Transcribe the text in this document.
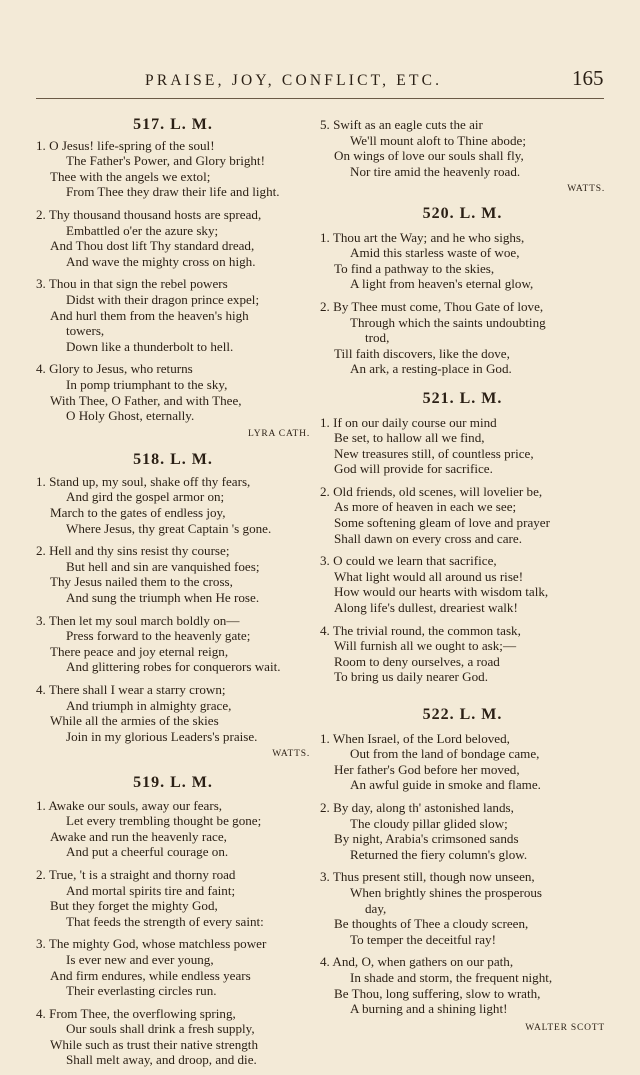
PRAISE, JOY, CONFLICT, ETC.	165

517. L. M.

1. O Jesus! life-spring of the soul!
The Father's Power, and Glory bright!
Thee with the angels we extol;
From Thee they draw their life and light.
2. Thy thousand thousand hosts are spread,
Embattled o'er the azure sky;
And Thou dost lift Thy standard dread,
And wave the mighty cross on high.
3. Thou in that sign the rebel powers
Didst with their dragon prince expel;
And hurl them from the heaven's high
towers,
Down like a thunderbolt to hell.
4. Glory to Jesus, who returns
In pomp triumphant to the sky,
With Thee, O Father, and with Thee,
O Holy Ghost, eternally.
LYRA CATH.

518. L. M.

1. Stand up, my soul, shake off thy fears,
And gird the gospel armor on;
March to the gates of endless joy,
Where Jesus, thy great Captain 's gone.
2. Hell and thy sins resist thy course;
But hell and sin are vanquished foes;
Thy Jesus nailed them to the cross,
And sung the triumph when He rose.
3. Then let my soul march boldly on—
Press forward to the heavenly gate;
There peace and joy eternal reign,
And glittering robes for conquerors wait.
4. There shall I wear a starry crown;
And triumph in almighty grace,
While all the armies of the skies
Join in my glorious Leaders's praise.
WATTS.

519. L. M.

1. Awake our souls, away our fears,
Let every trembling thought be gone;
Awake and run the heavenly race,
And put a cheerful courage on.
2. True, 't is a straight and thorny road
And mortal spirits tire and faint;
But they forget the mighty God,
That feeds the strength of every saint:
3. The mighty God, whose matchless power
Is ever new and ever young,
And firm endures, while endless years
Their everlasting circles run.
4. From Thee, the overflowing spring,
Our souls shall drink a fresh supply,
While such as trust their native strength
Shall melt away, and droop, and die.
5. Swift as an eagle cuts the air
We'll mount aloft to Thine abode;
On wings of love our souls shall fly,
Nor tire amid the heavenly road.
WATTS.

520. L. M.

1. Thou art the Way; and he who sighs,
Amid this starless waste of woe,
To find a pathway to the skies,
A light from heaven's eternal glow,
2. By Thee must come, Thou Gate of love,
Through which the saints undoubting
trod,
Till faith discovers, like the dove,
An ark, a resting-place in God.

521. L. M.

1. If on our daily course our mind
Be set, to hallow all we find,
New treasures still, of countless price,
God will provide for sacrifice.
2. Old friends, old scenes, will lovelier be,
As more of heaven in each we see;
Some softening gleam of love and prayer
Shall dawn on every cross and care.
3. O could we learn that sacrifice,
What light would all around us rise!
How would our hearts with wisdom talk,
Along life's dullest, dreariest walk!
4. The trivial round, the common task,
Will furnish all we ought to ask;—
Room to deny ourselves, a road
To bring us daily nearer God.

522. L. M.

1. When Israel, of the Lord beloved,
Out from the land of bondage came,
Her father's God before her moved,
An awful guide in smoke and flame.
2. By day, along th' astonished lands,
The cloudy pillar glided slow;
By night, Arabia's crimsoned sands
Returned the fiery column's glow.
3. Thus present still, though now unseen,
When brightly shines the prosperous
day,
Be thoughts of Thee a cloudy screen,
To temper the deceitful ray!
4. And, O, when gathers on our path,
In shade and storm, the frequent night,
Be Thou, long suffering, slow to wrath,
A burning and a shining light!
WALTER SCOTT
